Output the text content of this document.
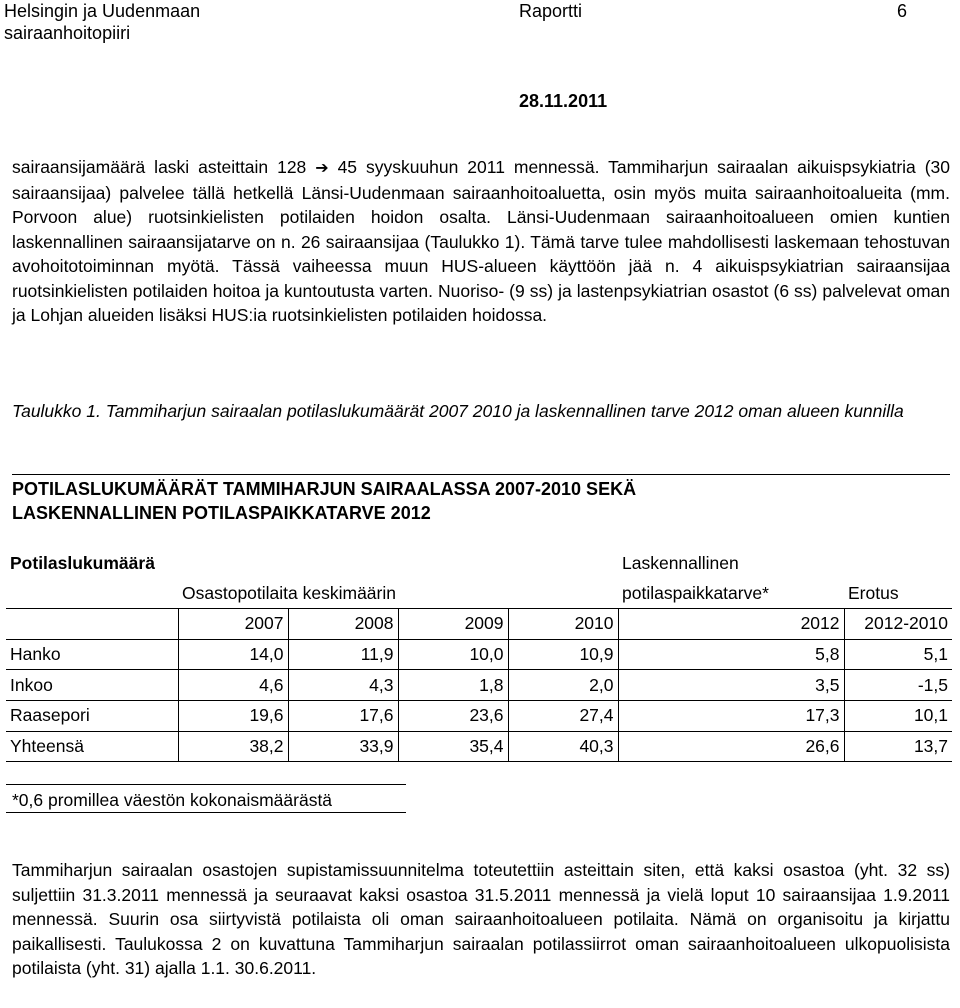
Helsingin ja Uudenmaan
sairaanhoitopiiri
Raportti	6
28.11.2011
sairaansijamäärä laski asteittain 128 ➔ 45 syyskuuhun 2011 mennessä. Tammiharjun sairaalan aikuispsykiatria (30 sairaansijaa) palvelee tällä hetkellä Länsi-Uudenmaan sairaanhoitoaluetta, osin myös muita sairaanhoitoalueita (mm. Porvoon alue) ruotsinkielisten potilaiden hoidon osalta. Länsi-Uudenmaan sairaanhoitoalueen omien kuntien laskennallinen sairaansijatarve on n. 26 sairaansijaa (Taulukko 1). Tämä tarve tulee mahdollisesti laskemaan tehostuvan avohoitotoiminnan myötä. Tässä vaiheessa muun HUS-alueen käyttöön jää n. 4 aikuispsykiatrian sairaansijaa ruotsinkielisten potilaiden hoitoa ja kuntoutusta varten. Nuoriso- (9 ss) ja lastenpsykiatrian osastot (6 ss) palvelevat oman ja Lohjan alueiden lisäksi HUS:ia ruotsinkielisten potilaiden hoidossa.
Taulukko 1. Tammiharjun sairaalan potilaslukumäärät 2007 2010 ja laskennallinen tarve 2012 oman alueen kunnilla
POTILASLUKUMÄÄRÄT TAMMIHARJUN SAIRAALASSA 2007-2010 SEKÄ
LASKENNALLINEN POTILASPAIKKATARVE 2012
Potilaslukumäärä					Laskennallinen	
	Osastopotilaita keskimäärin				potilaspaikkatarve*	Erotus
	2007	2008	2009	2010	2012	2012-2010
Hanko	14,0	11,9	10,0	10,9	5,8	5,1
Inkoo	4,6	4,3	1,8	2,0	3,5	-1,5
Raasepori	19,6	17,6	23,6	27,4	17,3	10,1
Yhteensä	38,2	33,9	35,4	40,3	26,6	13,7
*0,6 promillea väestön kokonaismäärästä
Tammiharjun sairaalan osastojen supistamissuunnitelma toteutettiin asteittain siten, että kaksi osastoa (yht. 32 ss) suljettiin 31.3.2011 mennessä ja seuraavat kaksi osastoa 31.5.2011 mennessä ja vielä loput 10 sairaansijaa 1.9.2011 mennessä. Suurin osa siirtyvistä potilaista oli oman sairaanhoitoalueen potilaita. Nämä on organisoitu ja kirjattu paikallisesti. Taulukossa 2 on kuvattuna Tammiharjun sairaalan potilassiirrot oman sairaanhoitoalueen ulkopuolisista potilaista (yht. 31) ajalla 1.1. 30.6.2011.
